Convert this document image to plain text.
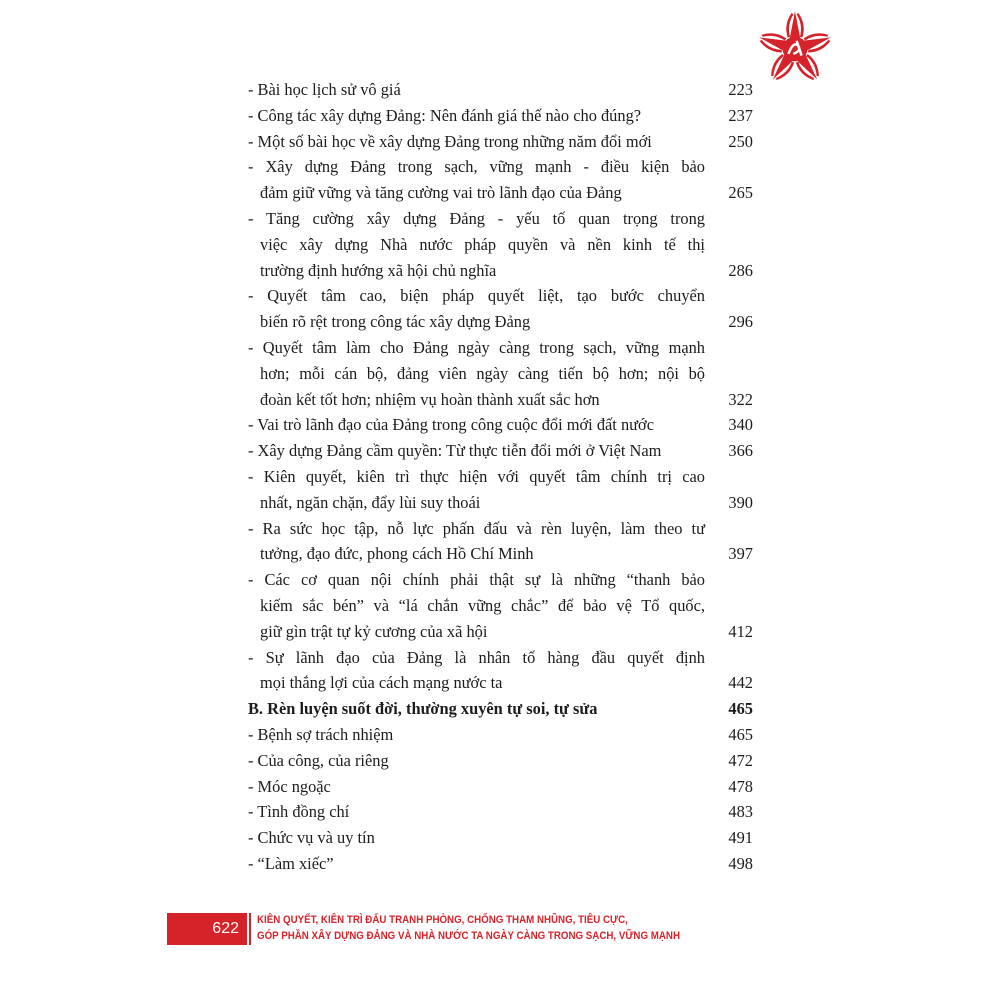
- Bài học lịch sử vô giá	223
- Công tác xây dựng Đảng: Nên đánh giá thế nào cho đúng?	237
- Một số bài học về xây dựng Đảng trong những năm đổi mới	250
- Xây dựng Đảng trong sạch, vững mạnh - điều kiện bảo
đảm giữ vững và tăng cường vai trò lãnh đạo của Đảng	265
- Tăng cường xây dựng Đảng - yếu tố quan trọng trong
việc xây dựng Nhà nước pháp quyền và nền kinh tế thị
trường định hướng xã hội chủ nghĩa	286
- Quyết tâm cao, biện pháp quyết liệt, tạo bước chuyển
biến rõ rệt trong công tác xây dựng Đảng	296
- Quyết tâm làm cho Đảng ngày càng trong sạch, vững mạnh
hơn; mỗi cán bộ, đảng viên ngày càng tiến bộ hơn; nội bộ
đoàn kết tốt hơn; nhiệm vụ hoàn thành xuất sắc hơn	322
- Vai trò lãnh đạo của Đảng trong công cuộc đổi mới đất nước	340
- Xây dựng Đảng cầm quyền: Từ thực tiễn đổi mới ở Việt Nam	366
- Kiên quyết, kiên trì thực hiện với quyết tâm chính trị cao
nhất, ngăn chặn, đẩy lùi suy thoái	390
- Ra sức học tập, nỗ lực phấn đấu và rèn luyện, làm theo tư
tưởng, đạo đức, phong cách Hồ Chí Minh	397
- Các cơ quan nội chính phải thật sự là những “thanh bảo
kiếm sắc bén” và “lá chắn vững chắc” để bảo vệ Tổ quốc,
giữ gìn trật tự kỷ cương của xã hội	412
- Sự lãnh đạo của Đảng là nhân tố hàng đầu quyết định
mọi thắng lợi của cách mạng nước ta	442
B. Rèn luyện suốt đời, thường xuyên tự soi, tự sửa	465
- Bệnh sợ trách nhiệm	465
- Của công, của riêng	472
- Móc ngoặc	478
- Tình đồng chí	483
- Chức vụ và uy tín	491
- “Làm xiếc”	498
622	KIÊN QUYẾT, KIÊN TRÌ ĐẤU TRANH PHÒNG, CHỐNG THAM NHŨNG, TIÊU CỰC,
GÓP PHẦN XÂY DỰNG ĐẢNG VÀ NHÀ NƯỚC TA NGÀY CÀNG TRONG SẠCH, VỮNG MẠNH
